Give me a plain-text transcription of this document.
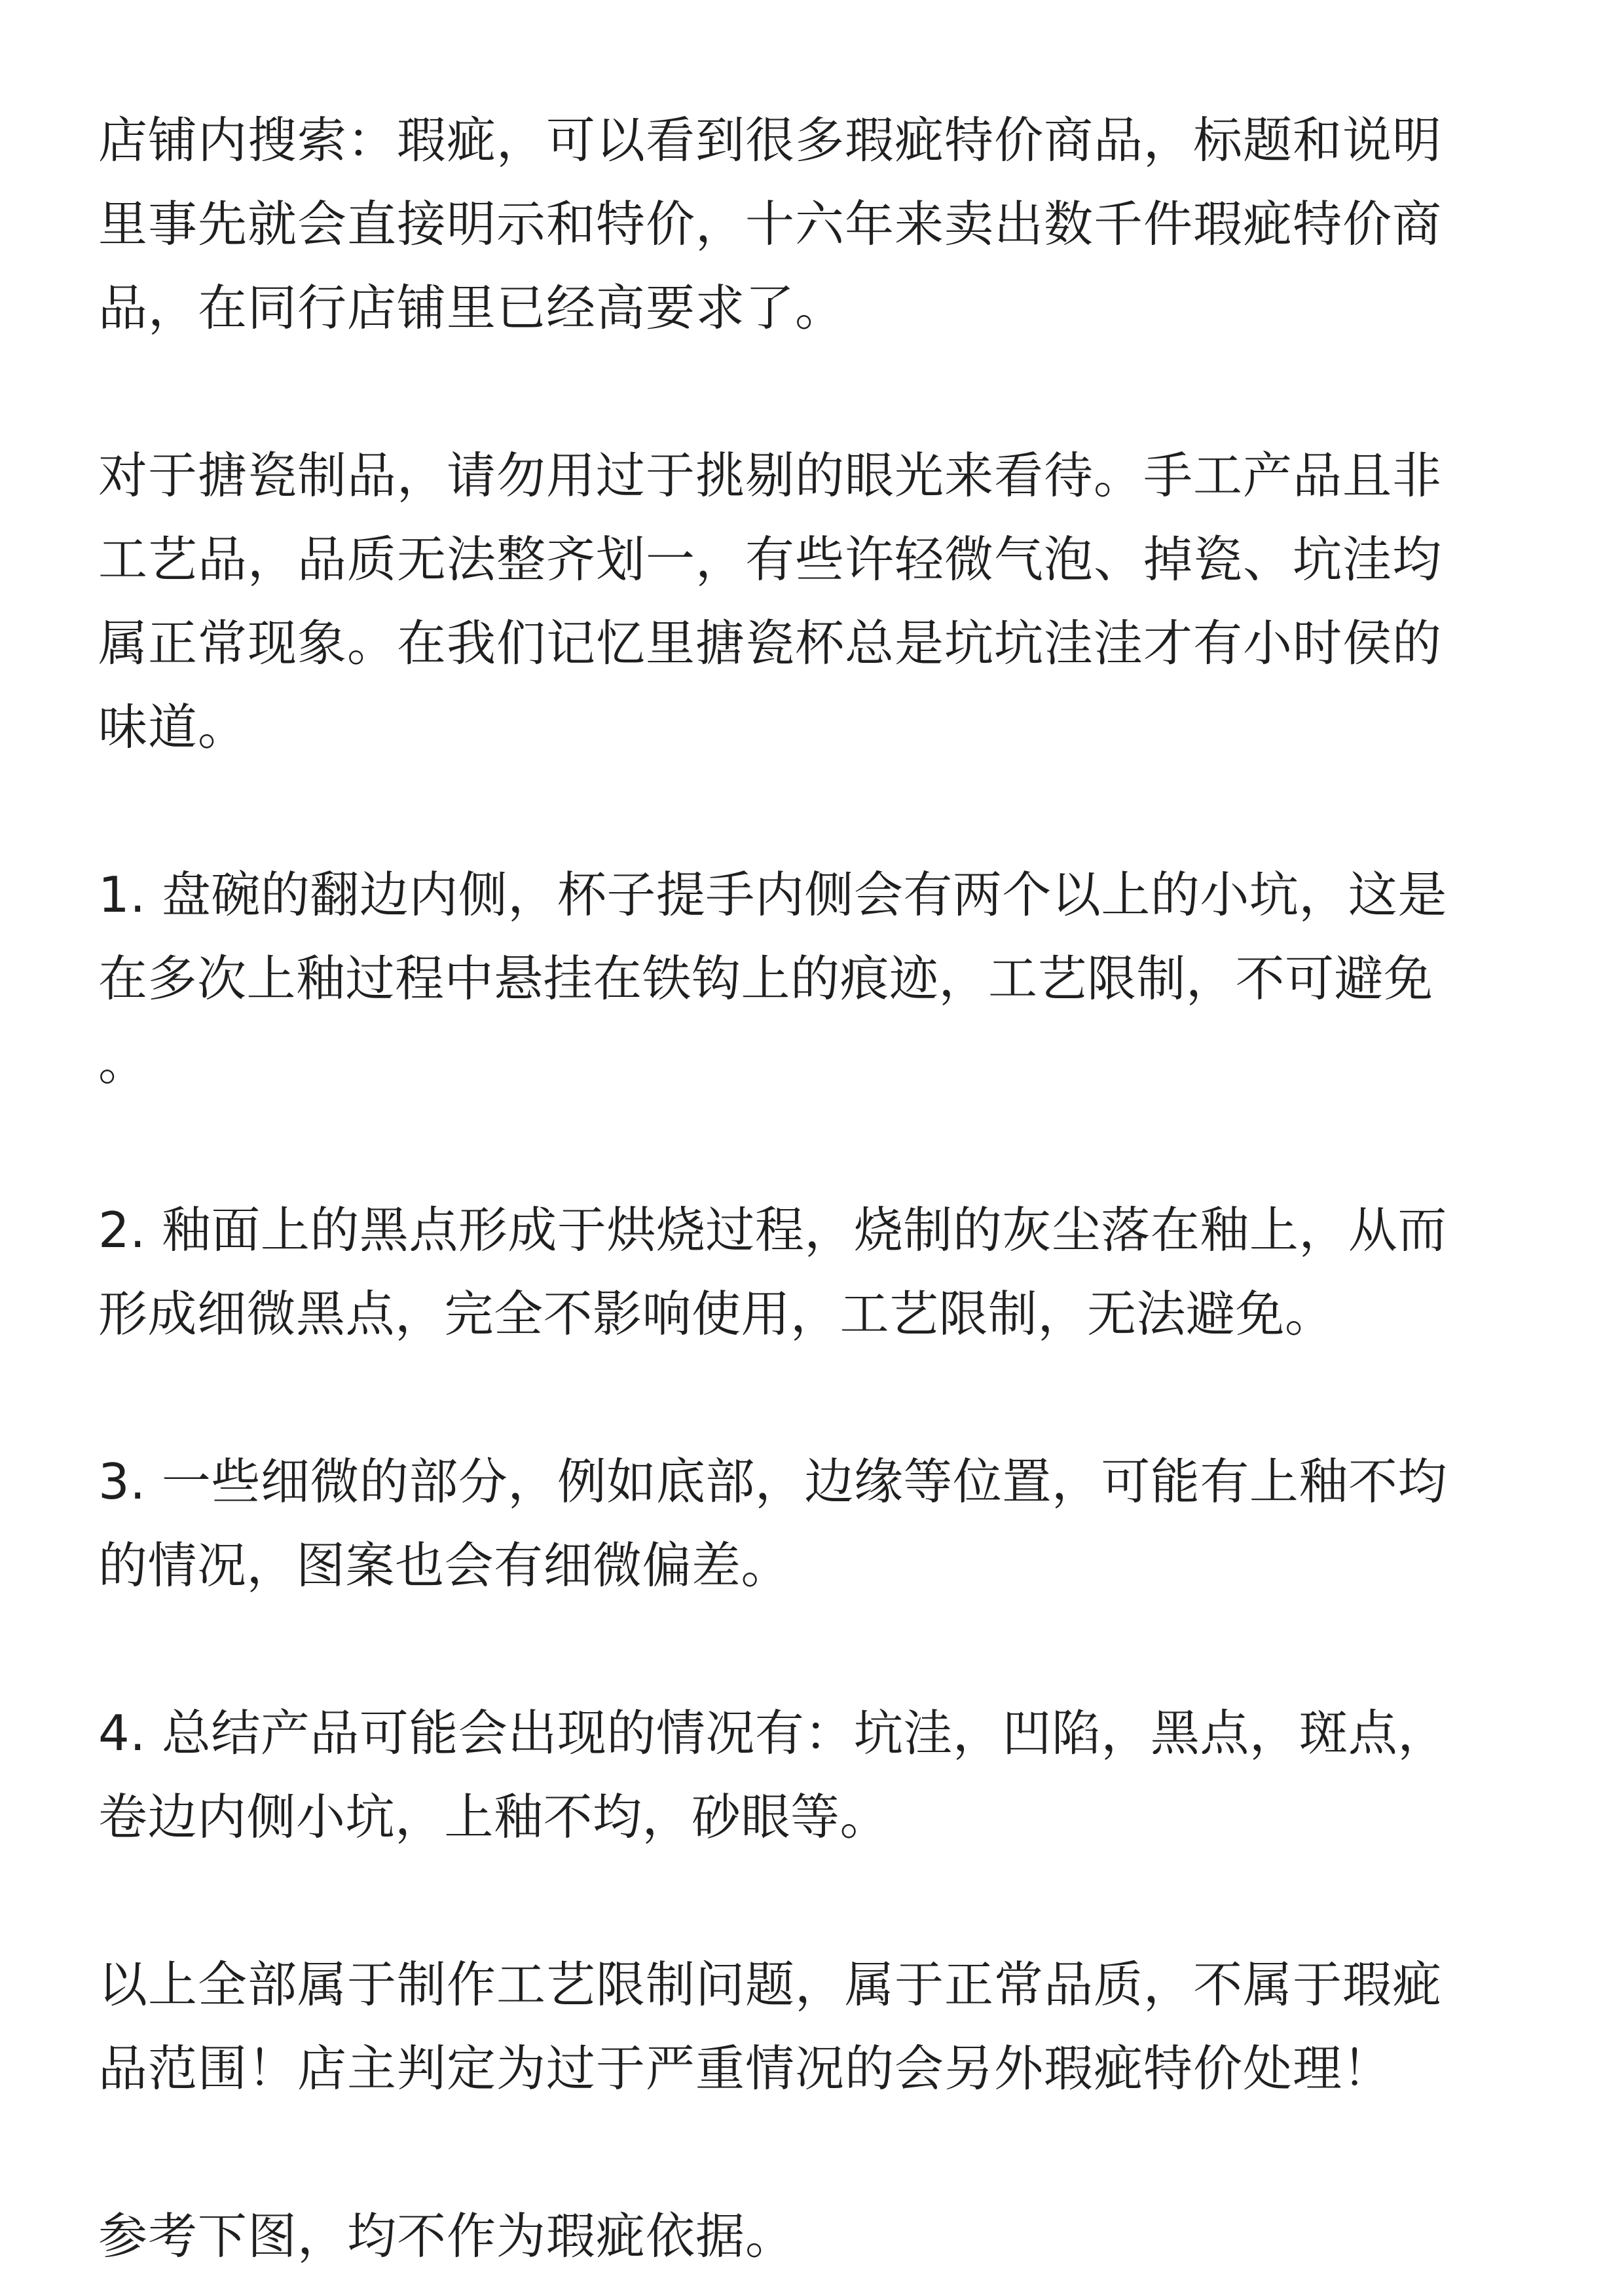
店铺内搜索：瑕疵，可以看到很多瑕疵特价商品，标题和说明
里事先就会直接明示和特价，十六年来卖出数千件瑕疵特价商
品，在同行店铺里已经高要求了。

对于搪瓷制品，请勿用过于挑剔的眼光来看待。手工产品且非
工艺品，品质无法整齐划一，有些许轻微气泡、掉瓷、坑洼均
属正常现象。在我们记忆里搪瓷杯总是坑坑洼洼才有小时侯的
味道。

1. 盘碗的翻边内侧，杯子提手内侧会有两个以上的小坑，这是
在多次上釉过程中悬挂在铁钩上的痕迹，工艺限制，不可避免
。

2. 釉面上的黑点形成于烘烧过程，烧制的灰尘落在釉上，从而
形成细微黑点，完全不影响使用，工艺限制，无法避免。

3. 一些细微的部分，例如底部，边缘等位置，可能有上釉不均
的情况，图案也会有细微偏差。

4. 总结产品可能会出现的情况有：坑洼，凹陷，黑点，斑点，
卷边内侧小坑，上釉不均，砂眼等。

以上全部属于制作工艺限制问题，属于正常品质，不属于瑕疵
品范围！店主判定为过于严重情况的会另外瑕疵特价处理！

参考下图，均不作为瑕疵依据。
